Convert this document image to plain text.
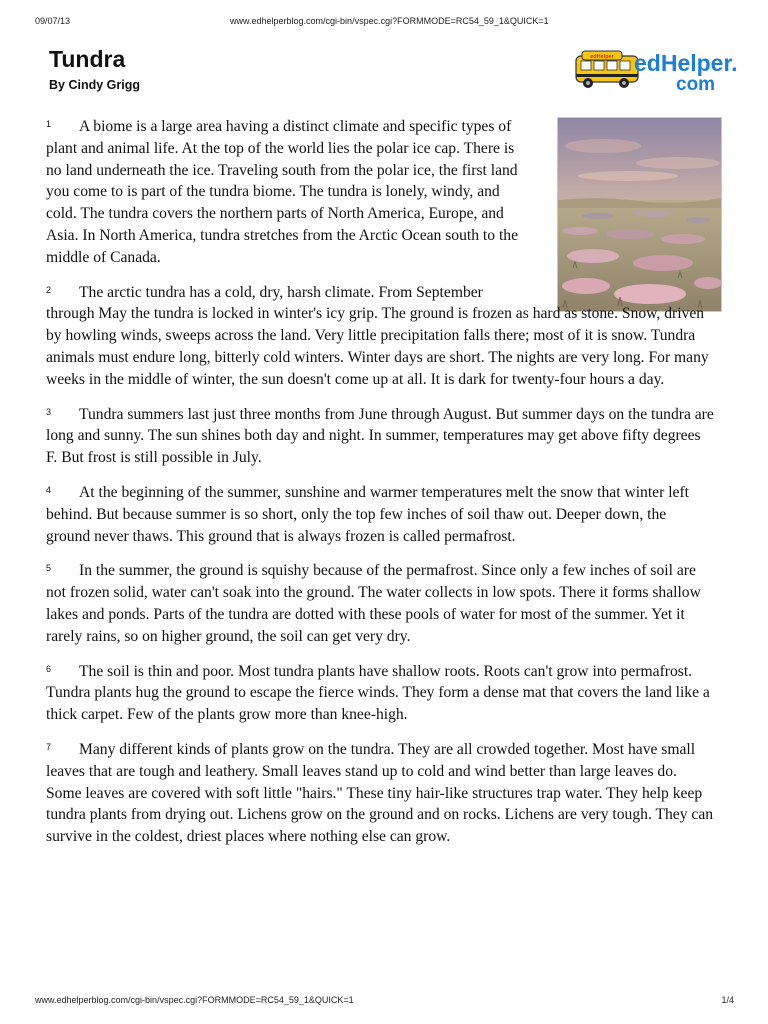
09/07/13	www.edhelperblog.com/cgi-bin/vspec.cgi?FORMMODE=RC54_59_1&QUICK=1
Tundra
By Cindy Grigg
edHelper edHelper.
com

1 A biome is a large area having a distinct climate and specific types of plant and animal life. At the top of the world lies the polar ice cap. There is no land underneath the ice. Traveling south from the polar ice, the first land you come to is part of the tundra biome. The tundra is lonely, windy, and cold. The tundra covers the northern parts of North America, Europe, and Asia. In North America, tundra stretches from the Arctic Ocean south to the middle of Canada.

2 The arctic tundra has a cold, dry, harsh climate. From September through May the tundra is locked in winter's icy grip. The ground is frozen as hard as stone. Snow, driven by howling winds, sweeps across the land. Very little precipitation falls there; most of it is snow. Tundra animals must endure long, bitterly cold winters. Winter days are short. The nights are very long. For many weeks in the middle of winter, the sun doesn't come up at all. It is dark for twenty-four hours a day.

3 Tundra summers last just three months from June through August. But summer days on the tundra are long and sunny. The sun shines both day and night. In summer, temperatures may get above fifty degrees F. But frost is still possible in July.

4 At the beginning of the summer, sunshine and warmer temperatures melt the snow that winter left behind. But because summer is so short, only the top few inches of soil thaw out. Deeper down, the ground never thaws. This ground that is always frozen is called permafrost.

5 In the summer, the ground is squishy because of the permafrost. Since only a few inches of soil are not frozen solid, water can't soak into the ground. The water collects in low spots. There it forms shallow lakes and ponds. Parts of the tundra are dotted with these pools of water for most of the summer. Yet it rarely rains, so on higher ground, the soil can get very dry.

6 The soil is thin and poor. Most tundra plants have shallow roots. Roots can't grow into permafrost. Tundra plants hug the ground to escape the fierce winds. They form a dense mat that covers the land like a thick carpet. Few of the plants grow more than knee-high.

7 Many different kinds of plants grow on the tundra. They are all crowded together. Most have small leaves that are tough and leathery. Small leaves stand up to cold and wind better than large leaves do. Some leaves are covered with soft little "hairs." These tiny hair-like structures trap water. They help keep tundra plants from drying out. Lichens grow on the ground and on rocks. Lichens are very tough. They can survive in the coldest, driest places where nothing else can grow.

www.edhelperblog.com/cgi-bin/vspec.cgi?FORMMODE=RC54_59_1&QUICK=1	1/4
